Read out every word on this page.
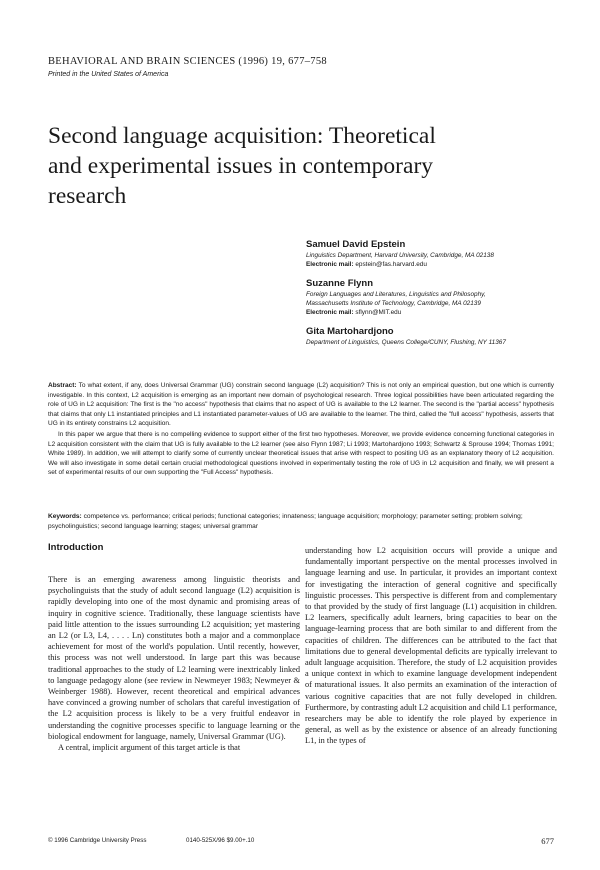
BEHAVIORAL AND BRAIN SCIENCES (1996) 19, 677–758
Printed in the United States of America
Second language acquisition: Theoretical and experimental issues in contemporary research
Samuel David Epstein
Linguistics Department, Harvard University, Cambridge, MA 02138
Electronic mail: epstein@fas.harvard.edu
Suzanne Flynn
Foreign Languages and Literatures, Linguistics and Philosophy,
Massachusetts Institute of Technology, Cambridge, MA 02139
Electronic mail: sflynn@MIT.edu
Gita Martohardjono
Department of Linguistics, Queens College/CUNY, Flushing, NY 11367

Abstract: To what extent, if any, does Universal Grammar (UG) constrain second language (L2) acquisition? This is not only an empirical question, but one which is currently investigable. In this context, L2 acquisition is emerging as an important new domain of psychological research. Three logical possibilities have been articulated regarding the role of UG in L2 acquisition: The first is the "no access" hypothesis that claims that no aspect of UG is available to the L2 learner. The second is the "partial access" hypothesis that claims that only L1 instantiated principles and L1 instantiated parameter-values of UG are available to the learner. The third, called the "full access" hypothesis, asserts that UG in its entirety constrains L2 acquisition.

In this paper we argue that there is no compelling evidence to support either of the first two hypotheses. Moreover, we provide evidence concerning functional categories in L2 acquisition consistent with the claim that UG is fully available to the L2 learner (see also Flynn 1987; Li 1993; Martohardjono 1993; Schwartz & Sprouse 1994; Thomas 1991; White 1989). In addition, we will attempt to clarify some of currently unclear theoretical issues that arise with respect to positing UG as an explanatory theory of L2 acquisition. We will also investigate in some detail certain crucial methodological questions involved in experimentally testing the role of UG in L2 acquisition and finally, we will present a set of experimental results of our own supporting the "Full Access" hypothesis.

Keywords: competence vs. performance; critical periods; functional categories; innateness; language acquisition; morphology; parameter setting; problem solving; psycholinguistics; second language learning; stages; universal grammar

Introduction

There is an emerging awareness among linguistic theorists and psycholinguists that the study of adult second language (L2) acquisition is rapidly developing into one of the most dynamic and promising areas of inquiry in cognitive science. Traditionally, these language scientists have paid little attention to the issues surrounding L2 acquisition; yet mastering an L2 (or L3, L4, . . . . Ln) constitutes both a major and a commonplace achievement for most of the world's population. Until recently, however, this process was not well understood. In large part this was because traditional approaches to the study of L2 learning were inextricably linked to language pedagogy alone (see review in Newmeyer 1983; Newmeyer & Weinberger 1988). However, recent theoretical and empirical advances have convinced a growing number of scholars that careful investigation of the L2 acquisition process is likely to be a very fruitful endeavor in understanding the cognitive processes specific to language learning or the biological endowment for language, namely, Universal Grammar (UG).

A central, implicit argument of this target article is that

understanding how L2 acquisition occurs will provide a unique and fundamentally important perspective on the mental processes involved in language learning and use. In particular, it provides an important context for investigating the interaction of general cognitive and specifically linguistic processes. This perspective is different from and complementary to that provided by the study of first language (L1) acquisition in children. L2 learners, specifically adult learners, bring capacities to bear on the language-learning process that are both similar to and different from the capacities of children. The differences can be attributed to the fact that limitations due to general developmental deficits are typically irrelevant to adult language acquisition. Therefore, the study of L2 acquisition provides a unique context in which to examine language development independent of maturational issues. It also permits an examination of the interaction of various cognitive capacities that are not fully developed in children. Furthermore, by contrasting adult L2 acquisition and child L1 performance, researchers may be able to identify the role played by experience in general, as well as by the existence or absence of an already functioning L1, in the types of

© 1996 Cambridge University Press	0140-525X/96 $9.00+.10	677
